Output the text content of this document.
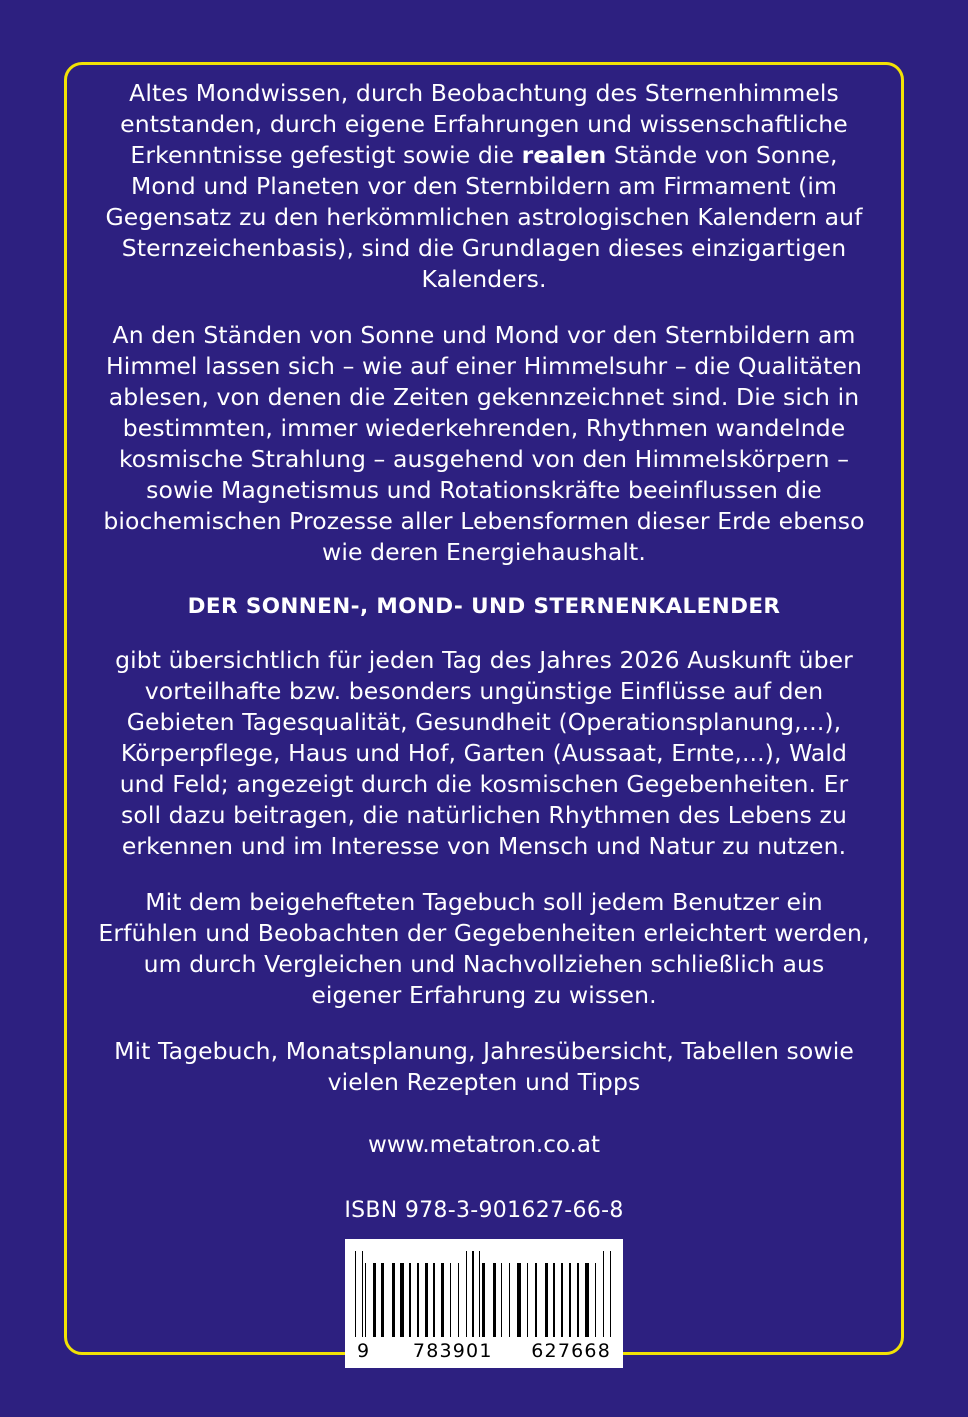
Altes Mondwissen, durch Beobachtung des Sternenhimmels entstanden, durch eigene Erfahrungen und wissenschaftliche Erkenntnisse gefestigt sowie die realen Stände von Sonne, Mond und Planeten vor den Sternbildern am Firmament (im Gegensatz zu den herkömmlichen astrologischen Kalendern auf Sternzeichenbasis), sind die Grundlagen dieses einzigartigen Kalenders.

An den Ständen von Sonne und Mond vor den Sternbildern am Himmel lassen sich – wie auf einer Himmelsuhr – die Qualitäten ablesen, von denen die Zeiten gekennzeichnet sind. Die sich in bestimmten, immer wiederkehrenden, Rhythmen wandelnde kosmische Strahlung – ausgehend von den Himmelskörpern – sowie Magnetismus und Rotationskräfte beeinflussen die biochemischen Prozesse aller Lebensformen dieser Erde ebenso wie deren Energiehaushalt.

DER SONNEN-, MOND- UND STERNENKALENDER

gibt übersichtlich für jeden Tag des Jahres 2026 Auskunft über vorteilhafte bzw. besonders ungünstige Einflüsse auf den Gebieten Tagesqualität, Gesundheit (Operationsplanung,...), Körperpflege, Haus und Hof, Garten (Aussaat, Ernte,...), Wald und Feld; angezeigt durch die kosmischen Gegebenheiten. Er soll dazu beitragen, die natürlichen Rhythmen des Lebens zu erkennen und im Interesse von Mensch und Natur zu nutzen.

Mit dem beigehefteten Tagebuch soll jedem Benutzer ein Erfühlen und Beobachten der Gegebenheiten erleichtert werden, um durch Vergleichen und Nachvollziehen schließlich aus eigener Erfahrung zu wissen.

Mit Tagebuch, Monatsplanung, Jahresübersicht, Tabellen sowie vielen Rezepten und Tipps

www.metatron.co.at

ISBN 978-3-901627-66-8

9 783901 627668
